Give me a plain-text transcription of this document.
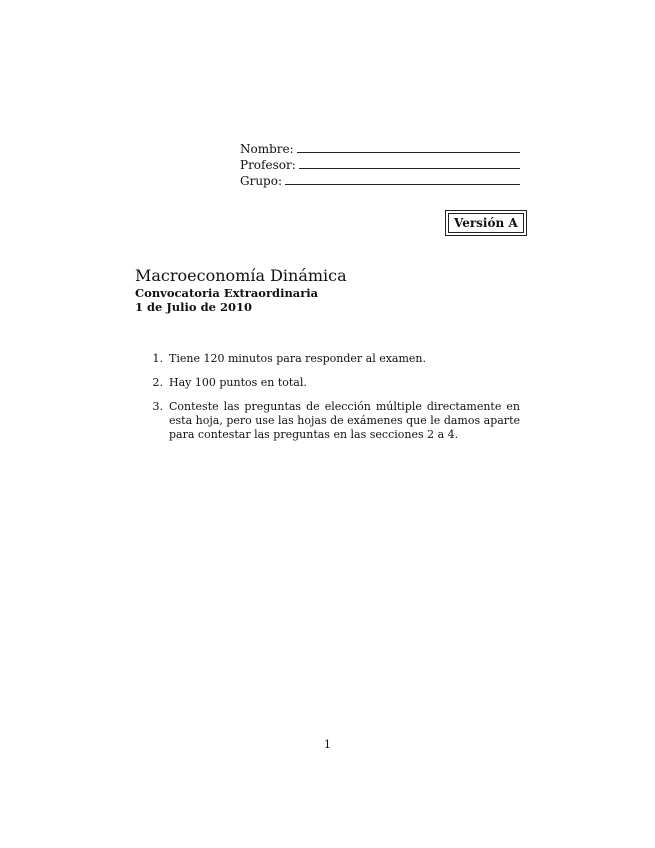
Nombre:
Profesor:
Grupo:
Versión A
Macroeconomía Dinámica
Convocatoria Extraordinaria
1 de Julio de 2010
1. Tiene 120 minutos para responder al examen.
2. Hay 100 puntos en total.
3. Conteste las preguntas de elección múltiple directamente en esta hoja, pero use las hojas de exámenes que le damos aparte para contestar las preguntas en las secciones 2 a 4.
1
